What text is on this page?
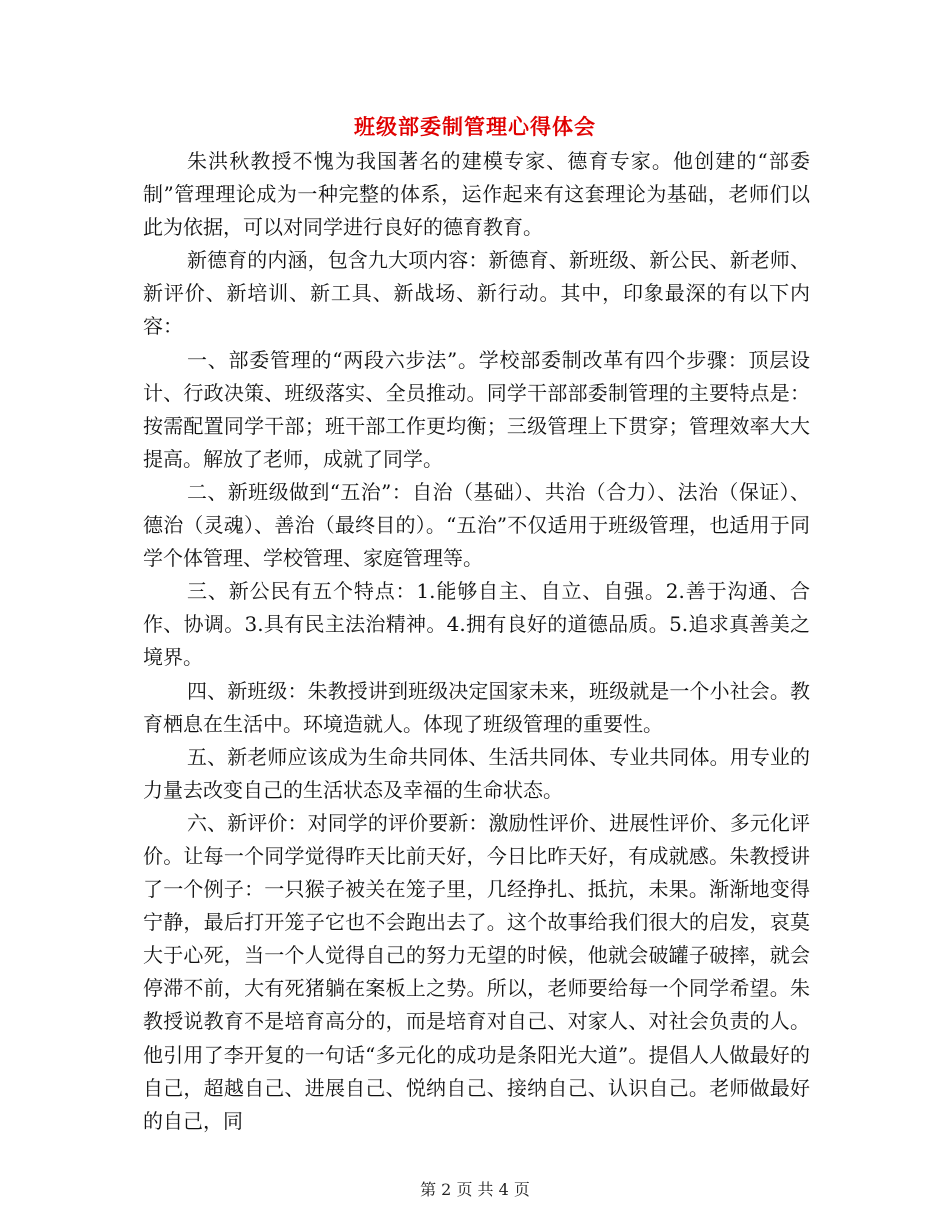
班级部委制管理心得体会

朱洪秋教授不愧为我国著名的建模专家、德育专家。他创建的“部委制”管理理论成为一种完整的体系，运作起来有这套理论为基础，老师们以此为依据，可以对同学进行良好的德育教育。

新德育的内涵，包含九大项内容：新德育、新班级、新公民、新老师、新评价、新培训、新工具、新战场、新行动。其中，印象最深的有以下内容：

一、部委管理的“两段六步法”。学校部委制改革有四个步骤：顶层设计、行政决策、班级落实、全员推动。同学干部部委制管理的主要特点是：按需配置同学干部；班干部工作更均衡；三级管理上下贯穿；管理效率大大提高。解放了老师，成就了同学。

二、新班级做到“五治”：自治（基础）、共治（合力）、法治（保证）、德治（灵魂）、善治（最终目的）。“五治”不仅适用于班级管理，也适用于同学个体管理、学校管理、家庭管理等。

三、新公民有五个特点：1.能够自主、自立、自强。2.善于沟通、合作、协调。3.具有民主法治精神。4.拥有良好的道德品质。5.追求真善美之境界。

四、新班级：朱教授讲到班级决定国家未来，班级就是一个小社会。教育栖息在生活中。环境造就人。体现了班级管理的重要性。

五、新老师应该成为生命共同体、生活共同体、专业共同体。用专业的力量去改变自己的生活状态及幸福的生命状态。

六、新评价：对同学的评价要新：激励性评价、进展性评价、多元化评价。让每一个同学觉得昨天比前天好，今日比昨天好，有成就感。朱教授讲了一个例子：一只猴子被关在笼子里，几经挣扎、抵抗，未果。渐渐地变得宁静，最后打开笼子它也不会跑出去了。这个故事给我们很大的启发，哀莫大于心死，当一个人觉得自己的努力无望的时候，他就会破罐子破摔，就会停滞不前，大有死猪躺在案板上之势。所以，老师要给每一个同学希望。朱教授说教育不是培育高分的，而是培育对自己、对家人、对社会负责的人。他引用了李开复的一句话“多元化的成功是条阳光大道”。提倡人人做最好的自己，超越自己、进展自己、悦纳自己、接纳自己、认识自己。老师做最好的自己，同

第 2 页 共 4 页
